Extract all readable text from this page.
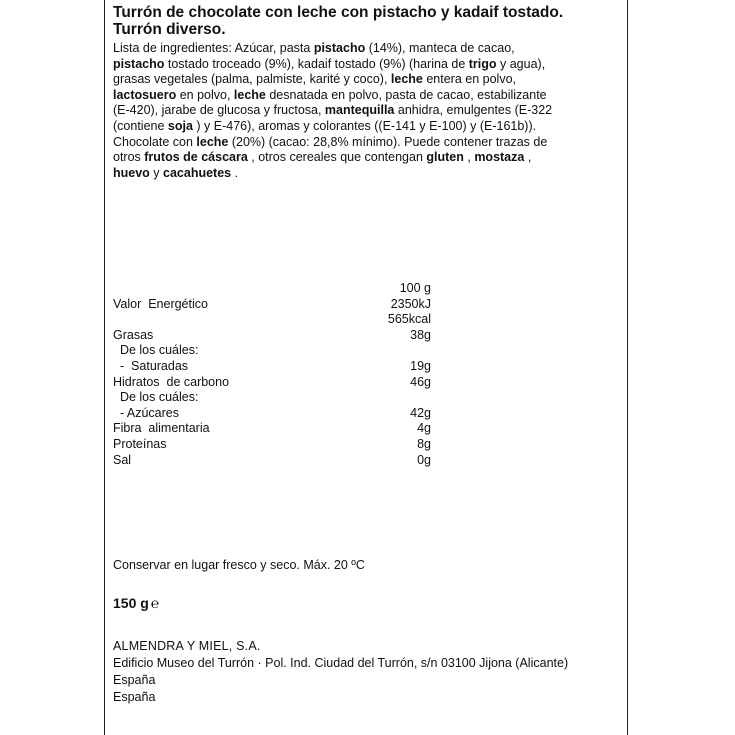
Turrón de chocolate con leche con pistacho y kadaif tostado.

Turrón diverso.

Lista de ingredientes: Azúcar, pasta pistacho (14%), manteca de cacao,
pistacho tostado troceado (9%), kadaif tostado (9%) (harina de trigo y agua),
grasas vegetales (palma, palmiste, karité y coco), leche entera en polvo,
lactosuero en polvo, leche desnatada en polvo, pasta de cacao, estabilizante
(E-420), jarabe de glucosa y fructosa, mantequilla anhidra, emulgentes (E-322
(contiene soja ) y E-476), aromas y colorantes ((E-141 y E-100) y (E-161b)).
Chocolate con leche (20%) (cacao: 28,8% mínimo). Puede contener trazas de
otros frutos de cáscara , otros cereales que contengan gluten , mostaza ,
huevo y cacahuetes .
100 g
Valor  Energético	2350kJ
565kcal
Grasas	38g
De los cuáles:
-  Saturadas	19g
Hidratos  de carbono	46g
De los cuáles:
- Azúcares	42g
Fibra  alimentaria	4g
Proteínas	8g
Sal	0g
Conservar en lugar fresco y seco. Máx. 20 ºC
150 g ℮
ALMENDRA Y MIEL, S.A.
Edificio Museo del Turrón · Pol. Ind. Ciudad del Turrón, s/n 03100 Jijona (Alicante)
España
España
